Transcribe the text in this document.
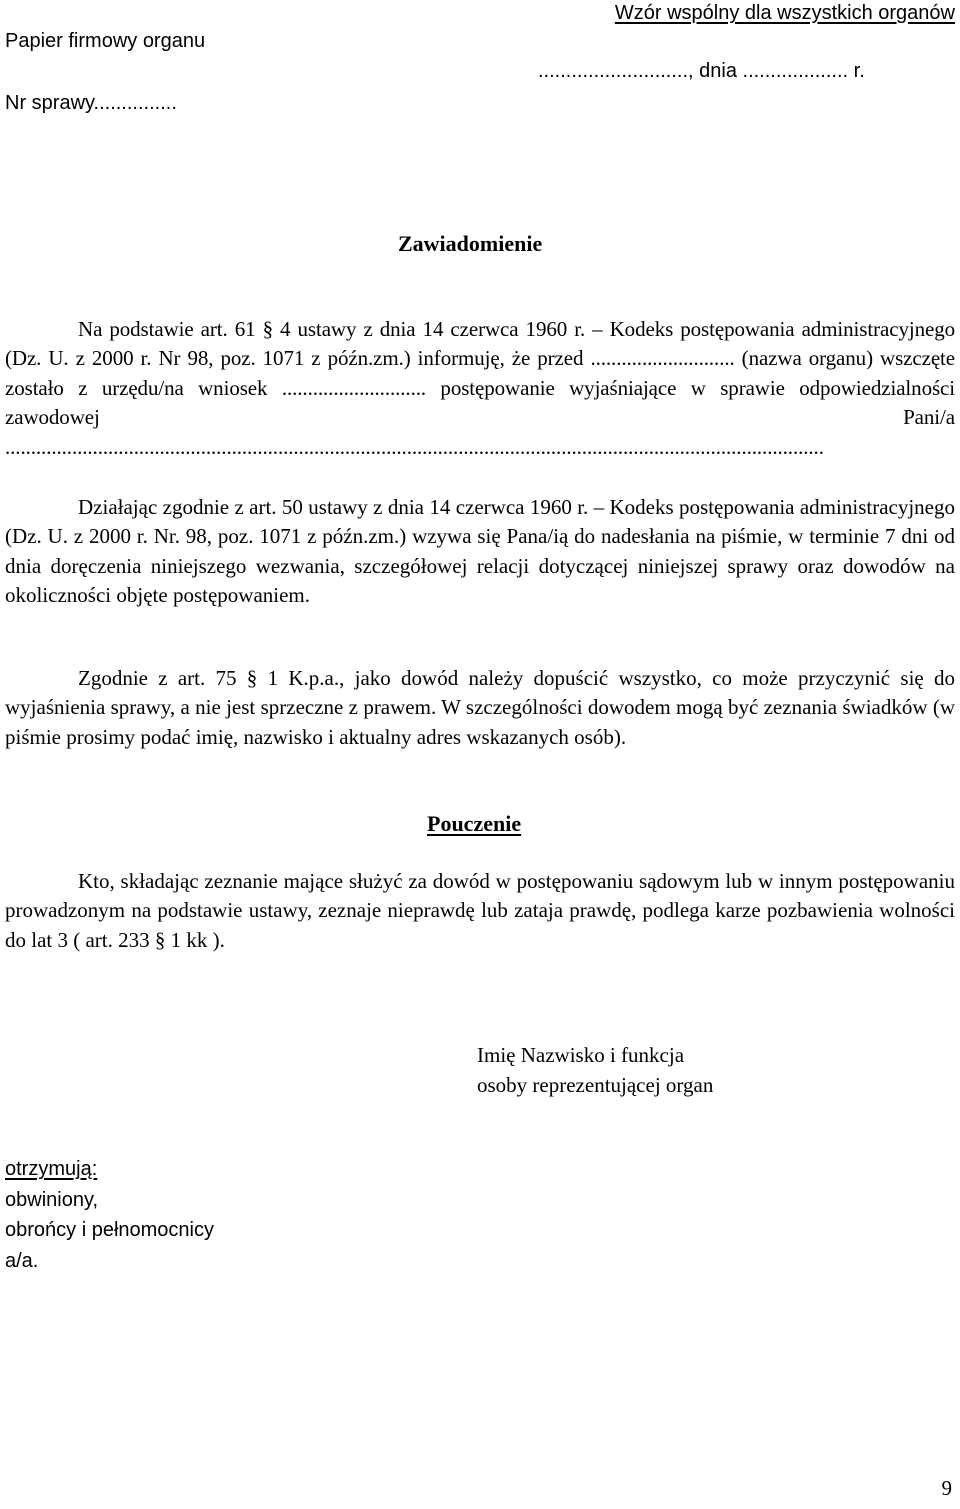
Papier firmowy organu
Wzór wspólny dla wszystkich organów
..........................., dnia ................... r.
Nr sprawy...............
Zawiadomienie

Na podstawie art. 61 § 4 ustawy z dnia 14 czerwca 1960 r. – Kodeks postępowania administracyjnego (Dz. U. z 2000 r. Nr 98, poz. 1071 z późn.zm.) informuję, że przed ............................ (nazwa organu) wszczęte zostało z urzędu/na wniosek ............................ postępowanie wyjaśniające w sprawie odpowiedzialności zawodowej Pani/a ...............................................................................................................................................................

Działając zgodnie z art. 50 ustawy z dnia 14 czerwca 1960 r. – Kodeks postępowania administracyjnego (Dz. U. z 2000 r. Nr. 98, poz. 1071 z późn.zm.) wzywa się Pana/ią do nadesłania na piśmie, w terminie 7 dni od dnia doręczenia niniejszego wezwania, szczegółowej relacji dotyczącej niniejszej sprawy oraz dowodów na okoliczności objęte postępowaniem.

Zgodnie z art. 75 § 1 K.p.a., jako dowód należy dopuścić wszystko, co może przyczynić się do wyjaśnienia sprawy, a nie jest sprzeczne z prawem. W szczególności dowodem mogą być zeznania świadków (w piśmie prosimy podać imię, nazwisko i aktualny adres wskazanych osób).

Pouczenie

Kto, składając zeznanie mające służyć za dowód w postępowaniu sądowym lub w innym postępowaniu prowadzonym na podstawie ustawy, zeznaje nieprawdę lub zataja prawdę, podlega karze pozbawienia wolności do lat 3 ( art. 233 § 1 kk ).

Imię Nazwisko i funkcja
osoby reprezentującej organ
otrzymują:
obwiniony,
obrońcy i pełnomocnicy
a/a.
9
